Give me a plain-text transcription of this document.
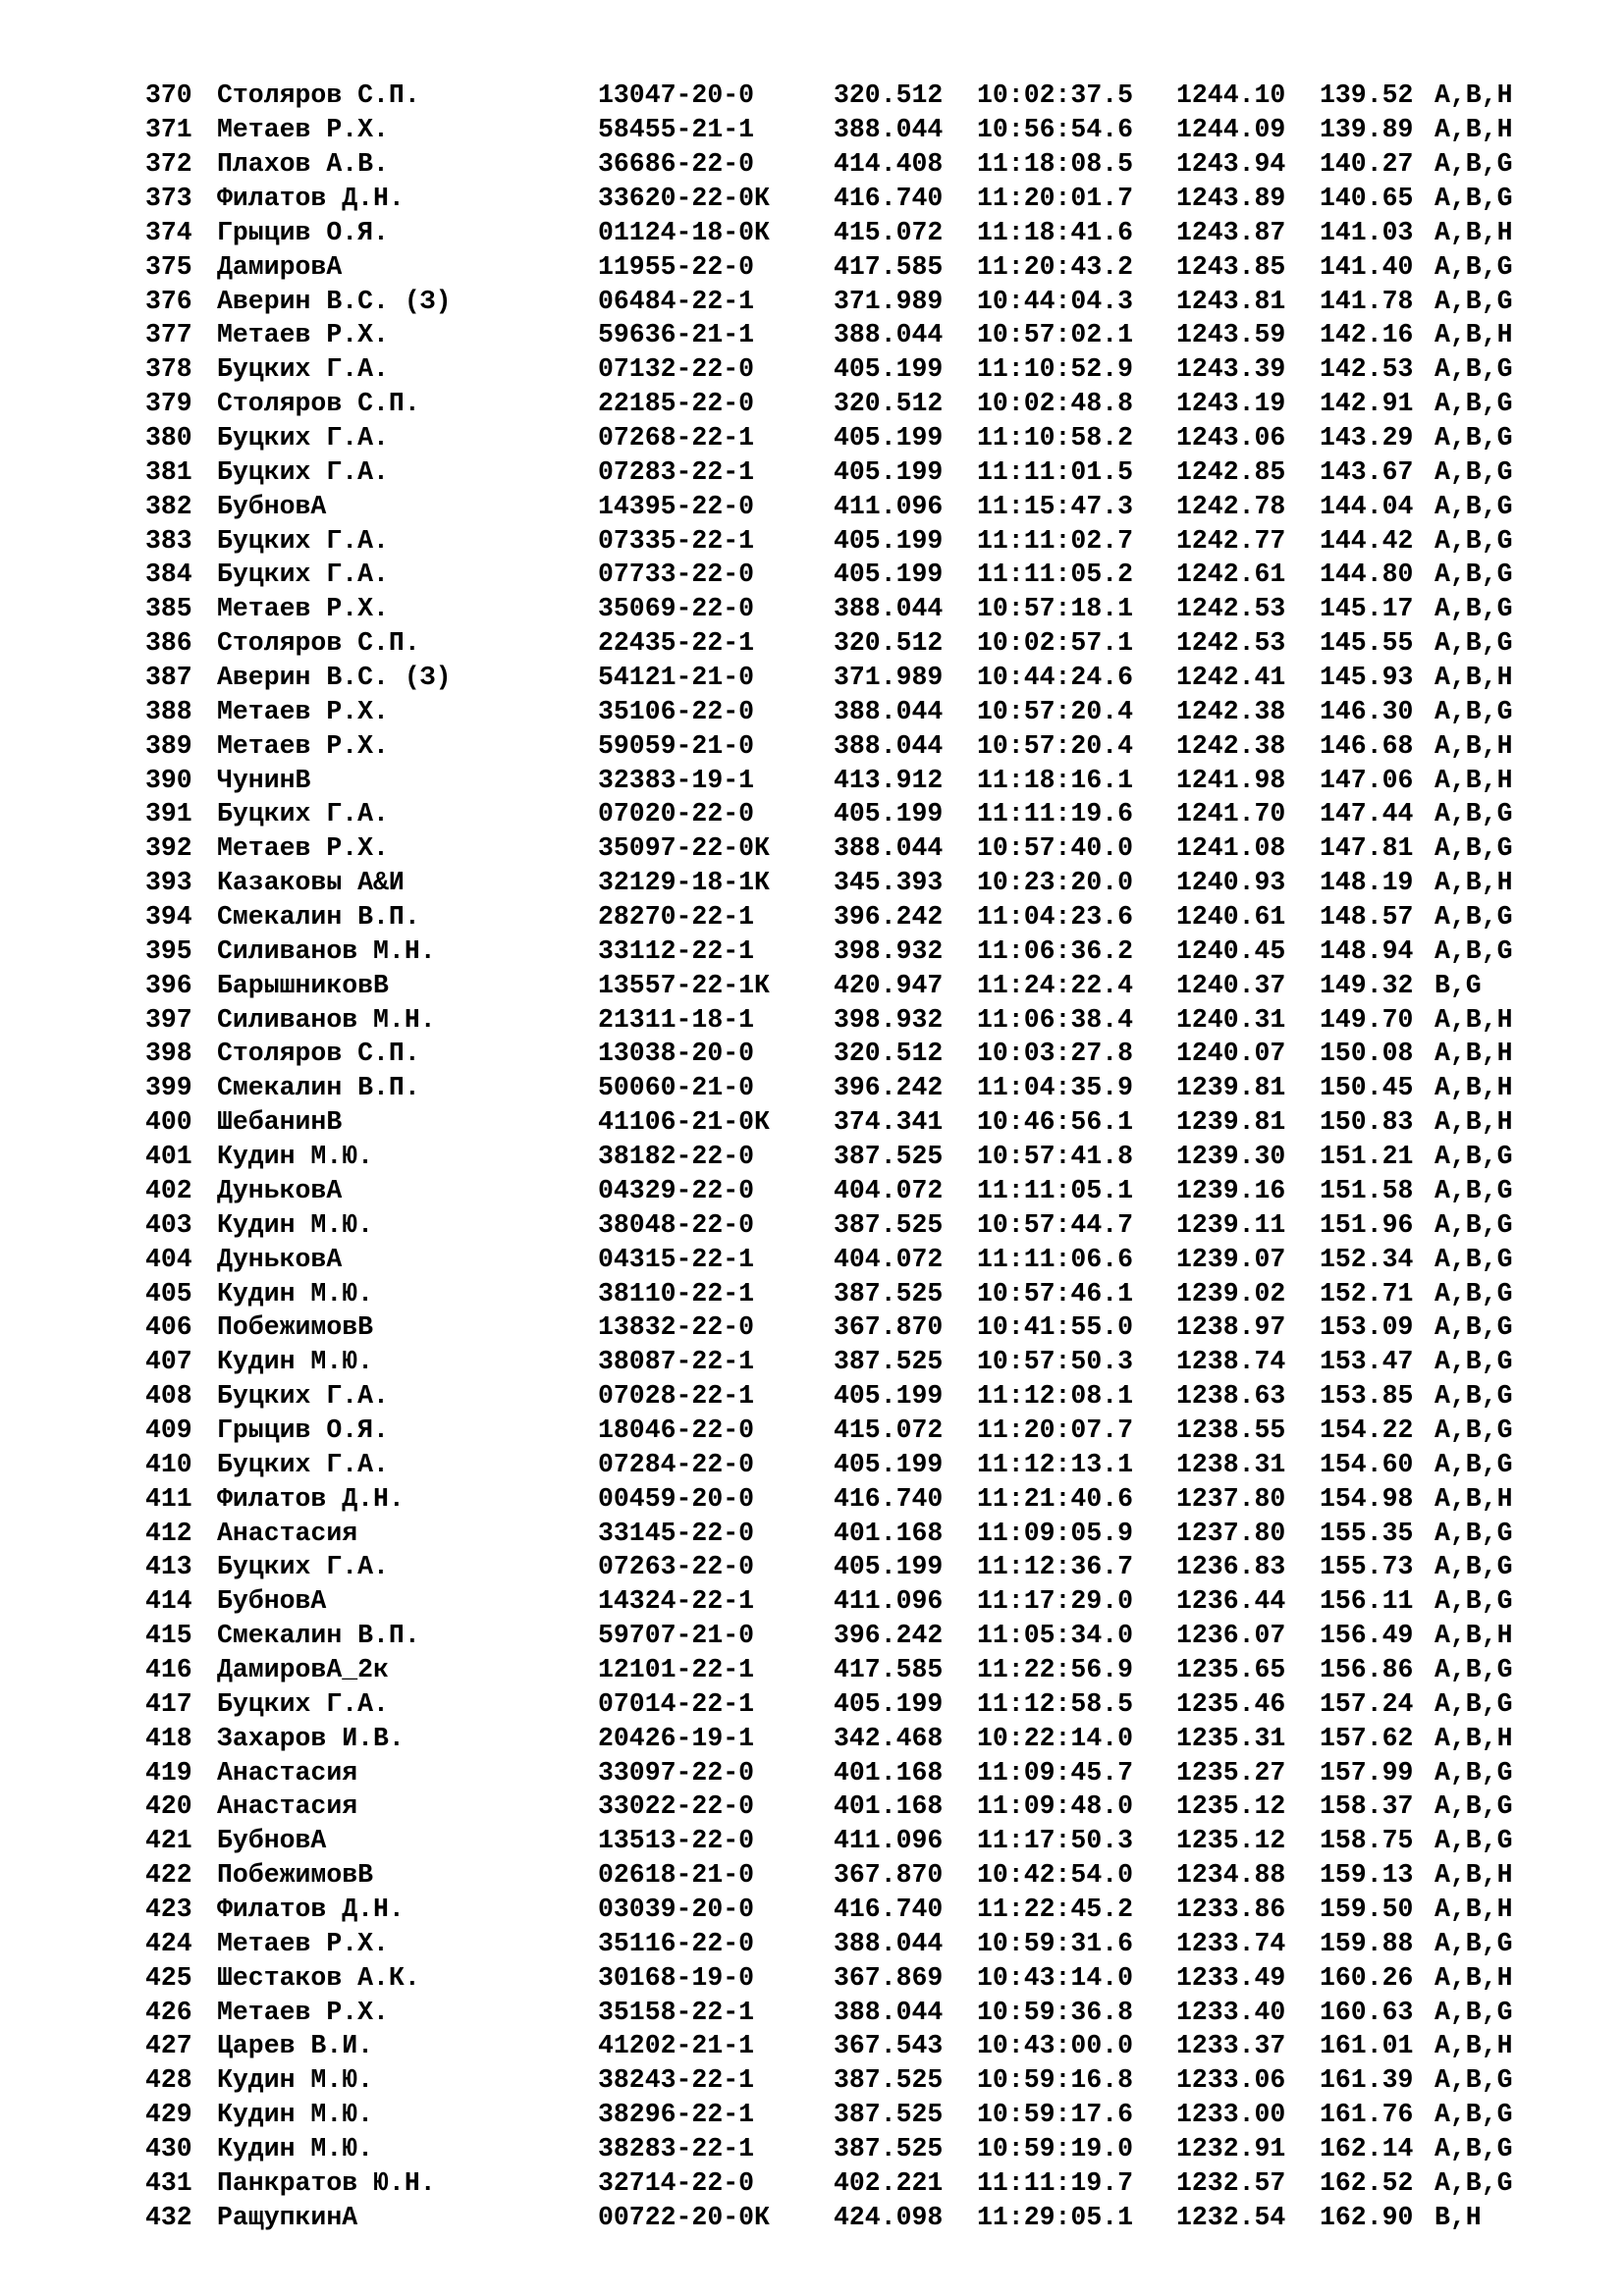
370 Столяров С.П.	13047-20-0	320.512	10:02:37.5	1244.10	139.52 A,B,H
371 Метаев Р.Х.	58455-21-1	388.044	10:56:54.6	1244.09	139.89 A,B,H
372 Плахов А.В.	36686-22-0	414.408	11:18:08.5	1243.94	140.27 A,B,G
373 Филатов Д.Н.	33620-22-0К	416.740	11:20:01.7	1243.89	140.65 A,B,G
374 Грыцив О.Я.	01124-18-0К	415.072	11:18:41.6	1243.87	141.03 A,B,H
375 ДамировА	11955-22-0	417.585	11:20:43.2	1243.85	141.40 A,B,G
376 Аверин В.С. (З)	06484-22-1	371.989	10:44:04.3	1243.81	141.78 A,B,G
377 Метаев Р.Х.	59636-21-1	388.044	10:57:02.1	1243.59	142.16 A,B,H
378 Буцких Г.А.	07132-22-0	405.199	11:10:52.9	1243.39	142.53 A,B,G
379 Столяров С.П.	22185-22-0	320.512	10:02:48.8	1243.19	142.91 A,B,G
380 Буцких Г.А.	07268-22-1	405.199	11:10:58.2	1243.06	143.29 A,B,G
381 Буцких Г.А.	07283-22-1	405.199	11:11:01.5	1242.85	143.67 A,B,G
382 БубновА	14395-22-0	411.096	11:15:47.3	1242.78	144.04 A,B,G
383 Буцких Г.А.	07335-22-1	405.199	11:11:02.7	1242.77	144.42 A,B,G
384 Буцких Г.А.	07733-22-0	405.199	11:11:05.2	1242.61	144.80 A,B,G
385 Метаев Р.Х.	35069-22-0	388.044	10:57:18.1	1242.53	145.17 A,B,G
386 Столяров С.П.	22435-22-1	320.512	10:02:57.1	1242.53	145.55 A,B,G
387 Аверин В.С. (З)	54121-21-0	371.989	10:44:24.6	1242.41	145.93 A,B,H
388 Метаев Р.Х.	35106-22-0	388.044	10:57:20.4	1242.38	146.30 A,B,G
389 Метаев Р.Х.	59059-21-0	388.044	10:57:20.4	1242.38	146.68 A,B,H
390 ЧунинВ	32383-19-1	413.912	11:18:16.1	1241.98	147.06 A,B,H
391 Буцких Г.А.	07020-22-0	405.199	11:11:19.6	1241.70	147.44 A,B,G
392 Метаев Р.Х.	35097-22-0К	388.044	10:57:40.0	1241.08	147.81 A,B,G
393 Казаковы А&И	32129-18-1К	345.393	10:23:20.0	1240.93	148.19 A,B,H
394 Смекалин В.П.	28270-22-1	396.242	11:04:23.6	1240.61	148.57 A,B,G
395 Силиванов М.Н.	33112-22-1	398.932	11:06:36.2	1240.45	148.94 A,B,G
396 БарышниковВ	13557-22-1К	420.947	11:24:22.4	1240.37	149.32 B,G
397 Силиванов М.Н.	21311-18-1	398.932	11:06:38.4	1240.31	149.70 A,B,H
398 Столяров С.П.	13038-20-0	320.512	10:03:27.8	1240.07	150.08 A,B,H
399 Смекалин В.П.	50060-21-0	396.242	11:04:35.9	1239.81	150.45 A,B,H
400 ШебанинВ	41106-21-0К	374.341	10:46:56.1	1239.81	150.83 A,B,H
401 Кудин М.Ю.	38182-22-0	387.525	10:57:41.8	1239.30	151.21 A,B,G
402 ДуньковА	04329-22-0	404.072	11:11:05.1	1239.16	151.58 A,B,G
403 Кудин М.Ю.	38048-22-0	387.525	10:57:44.7	1239.11	151.96 A,B,G
404 ДуньковА	04315-22-1	404.072	11:11:06.6	1239.07	152.34 A,B,G
405 Кудин М.Ю.	38110-22-1	387.525	10:57:46.1	1239.02	152.71 A,B,G
406 ПобежимовВ	13832-22-0	367.870	10:41:55.0	1238.97	153.09 A,B,G
407 Кудин М.Ю.	38087-22-1	387.525	10:57:50.3	1238.74	153.47 A,B,G
408 Буцких Г.А.	07028-22-1	405.199	11:12:08.1	1238.63	153.85 A,B,G
409 Грыцив О.Я.	18046-22-0	415.072	11:20:07.7	1238.55	154.22 A,B,G
410 Буцких Г.А.	07284-22-0	405.199	11:12:13.1	1238.31	154.60 A,B,G
411 Филатов Д.Н.	00459-20-0	416.740	11:21:40.6	1237.80	154.98 A,B,H
412 Анастасия	33145-22-0	401.168	11:09:05.9	1237.80	155.35 A,B,G
413 Буцких Г.А.	07263-22-0	405.199	11:12:36.7	1236.83	155.73 A,B,G
414 БубновА	14324-22-1	411.096	11:17:29.0	1236.44	156.11 A,B,G
415 Смекалин В.П.	59707-21-0	396.242	11:05:34.0	1236.07	156.49 A,B,H
416 ДамировА_2к	12101-22-1	417.585	11:22:56.9	1235.65	156.86 A,B,G
417 Буцких Г.А.	07014-22-1	405.199	11:12:58.5	1235.46	157.24 A,B,G
418 Захаров И.В.	20426-19-1	342.468	10:22:14.0	1235.31	157.62 A,B,H
419 Анастасия	33097-22-0	401.168	11:09:45.7	1235.27	157.99 A,B,G
420 Анастасия	33022-22-0	401.168	11:09:48.0	1235.12	158.37 A,B,G
421 БубновА	13513-22-0	411.096	11:17:50.3	1235.12	158.75 A,B,G
422 ПобежимовВ	02618-21-0	367.870	10:42:54.0	1234.88	159.13 A,B,H
423 Филатов Д.Н.	03039-20-0	416.740	11:22:45.2	1233.86	159.50 A,B,H
424 Метаев Р.Х.	35116-22-0	388.044	10:59:31.6	1233.74	159.88 A,B,G
425 Шестаков А.К.	30168-19-0	367.869	10:43:14.0	1233.49	160.26 A,B,H
426 Метаев Р.Х.	35158-22-1	388.044	10:59:36.8	1233.40	160.63 A,B,G
427 Царев В.И.	41202-21-1	367.543	10:43:00.0	1233.37	161.01 A,B,H
428 Кудин М.Ю.	38243-22-1	387.525	10:59:16.8	1233.06	161.39 A,B,G
429 Кудин М.Ю.	38296-22-1	387.525	10:59:17.6	1233.00	161.76 A,B,G
430 Кудин М.Ю.	38283-22-1	387.525	10:59:19.0	1232.91	162.14 A,B,G
431 Панкратов Ю.Н.	32714-22-0	402.221	11:11:19.7	1232.57	162.52 A,B,G
432 РащупкинА	00722-20-0К	424.098	11:29:05.1	1232.54	162.90 B,H
